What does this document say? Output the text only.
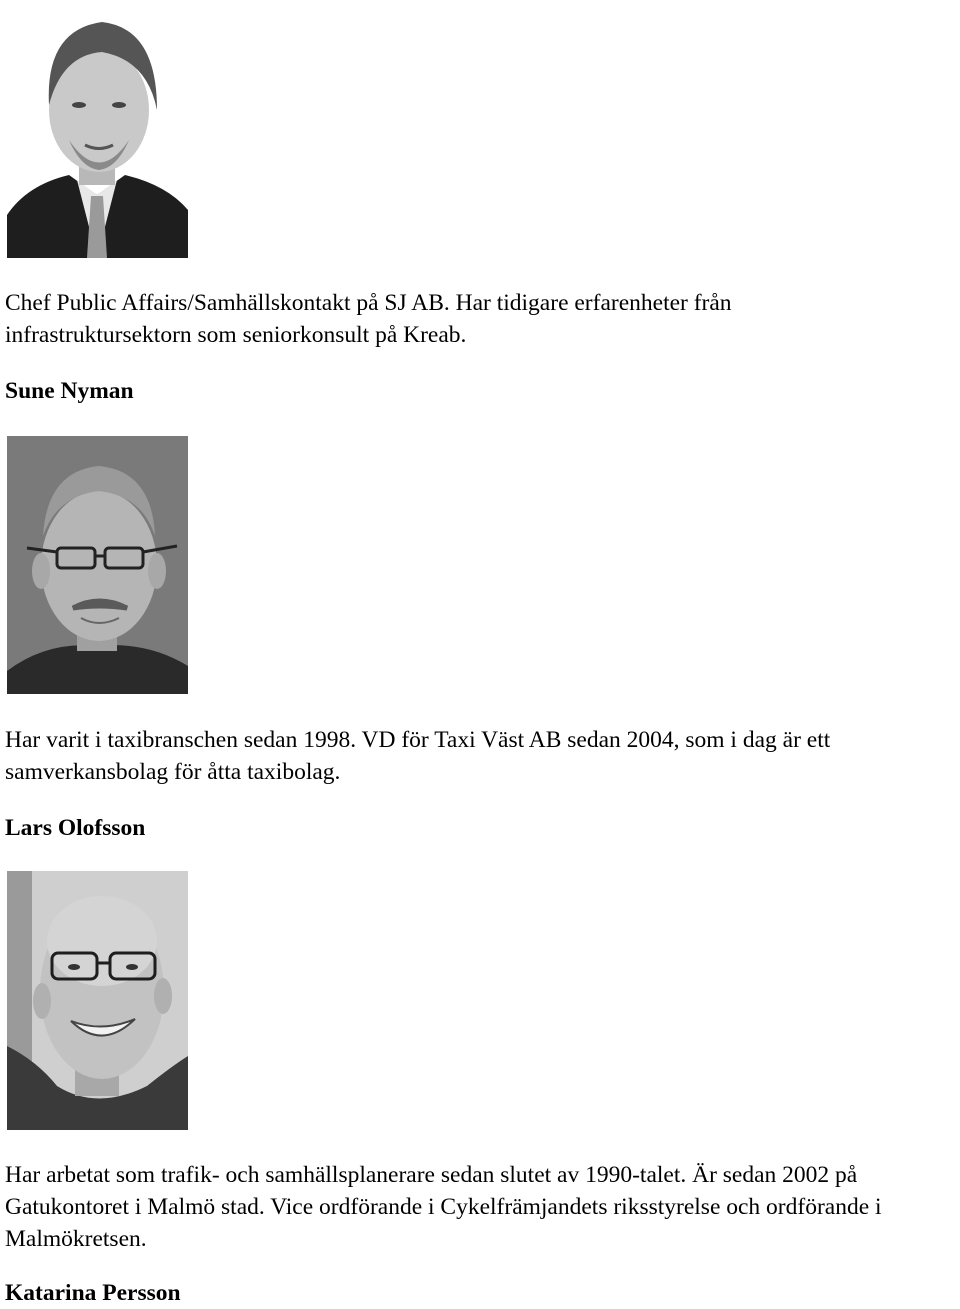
Chef Public Affairs/Samhällskontakt på SJ AB. Har tidigare erfarenheter från
infrastruktursektorn som seniorkonsult på Kreab.

Sune Nyman

Har varit i taxibranschen sedan 1998. VD för Taxi Väst AB sedan 2004, som i dag är ett
samverkansbolag för åtta taxibolag.

Lars Olofsson

Har arbetat som trafik- och samhällsplanerare sedan slutet av 1990-talet. Är sedan 2002 på
Gatukontoret i Malmö stad. Vice ordförande i Cykelfrämjandets riksstyrelse och ordförande i
Malmökretsen.

Katarina Persson
